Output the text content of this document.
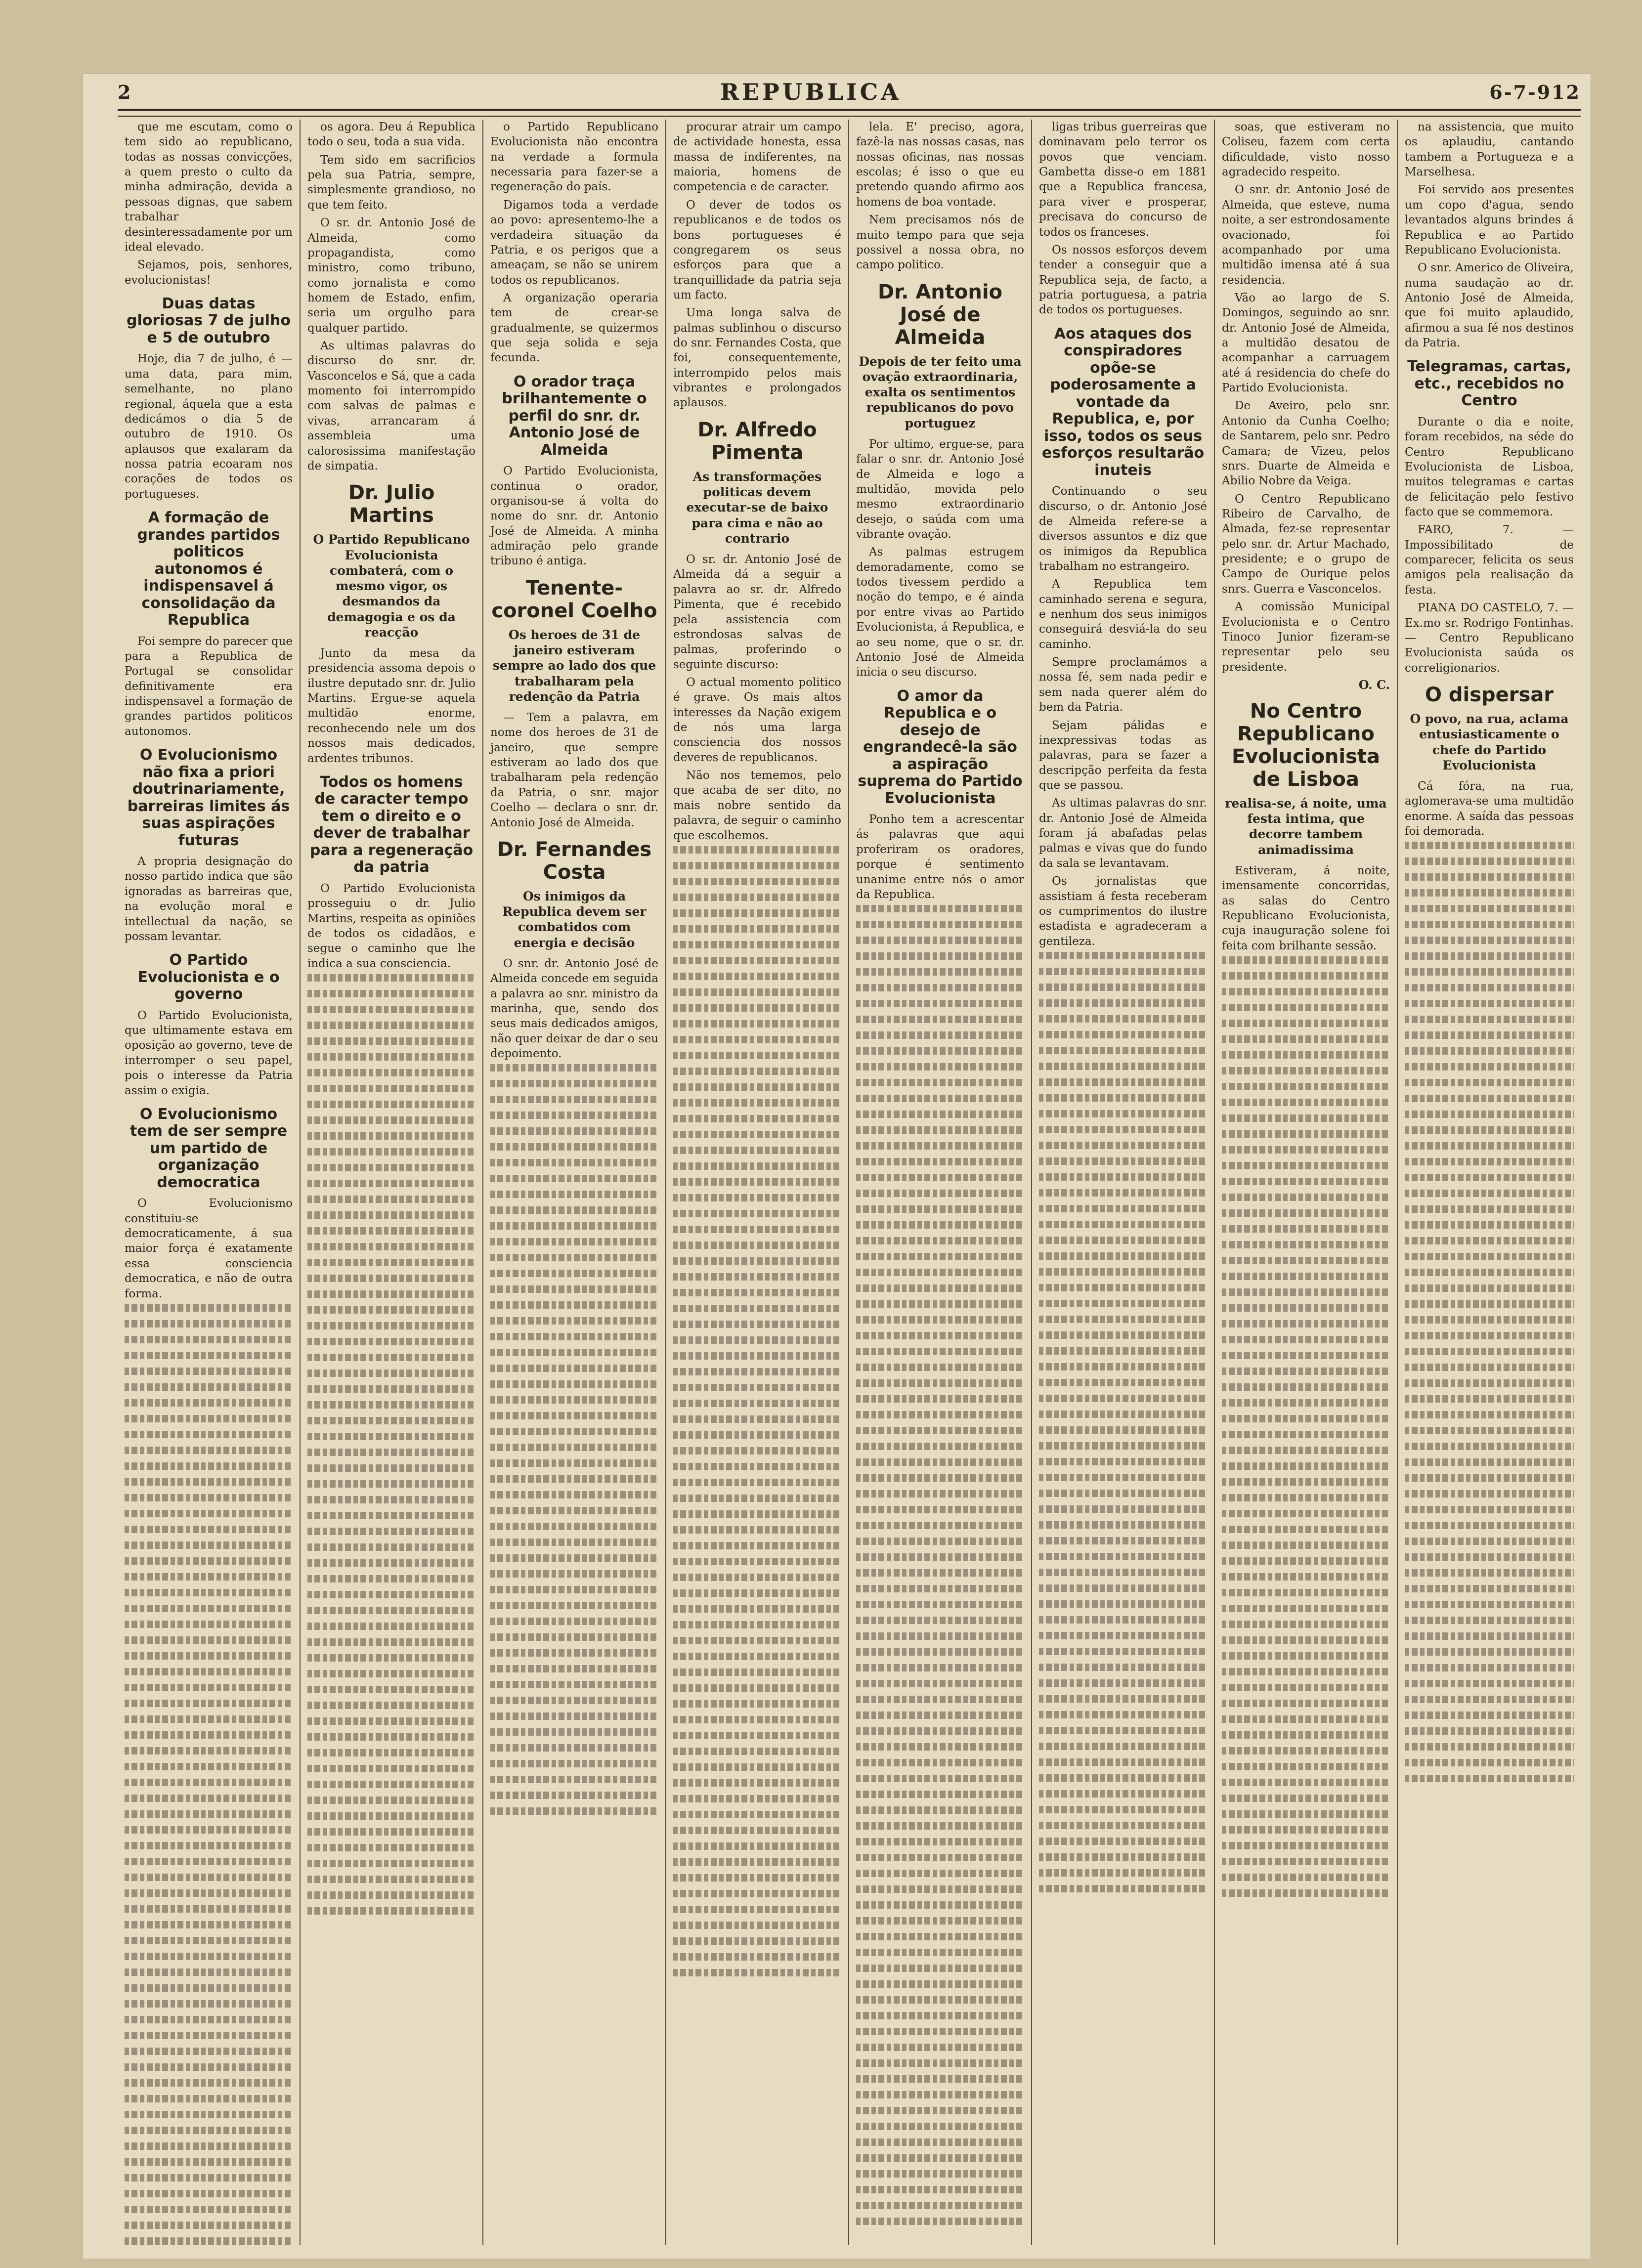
2	REPUBLICA	6-7-912

que me escutam, como o tem sido ao republicano, todas as nossas convicções, a quem presto o culto da minha admiração, devida a pessoas dignas, que sabem trabalhar desinteressadamente por um ideal elevado.

Sejamos, pois, senhores, evolucionistas!

Duas datas gloriosas 7 de julho e 5 de outubro

Hoje, dia 7 de julho, é — uma data, para mim, semelhante, no plano regional, áquela que a esta dedicámos o dia 5 de outubro de 1910. Os aplausos que exalaram da nossa patria ecoaram nos corações de todos os portugueses.

A formação de grandes partidos politicos autonomos é indispensavel á consolidação da Republica

Foi sempre do parecer que para a Republica de Portugal se consolidar definitivamente era indispensavel a formação de grandes partidos politicos autonomos.

O Evolucionismo não fixa a priori doutrinariamente, barreiras limites ás suas aspirações futuras

A propria designação do nosso partido indica que são ignoradas as barreiras que, na evolução moral e intellectual da nação, se possam levantar.

O Partido Evolucionista e o governo

O Partido Evolucionista, que ultimamente estava em oposição ao governo, teve de interromper o seu papel, pois o interesse da Patria assim o exigia.

O Evolucionismo tem de ser sempre um partido de organização democratica

O Evolucionismo constituiu-se democraticamente, á sua maior força é exatamente essa consciencia democratica, e não de outra forma.

os agora. Deu á Republica todo o seu, toda a sua vida.

Tem sido em sacrificios pela sua Patria, sempre, simplesmente grandioso, no que tem feito.

O sr. dr. Antonio José de Almeida, como propagandista, como ministro, como tribuno, como jornalista e como homem de Estado, enfim, seria um orgulho para qualquer partido.

As ultimas palavras do discurso do snr. dr. Vasconcelos e Sá, que a cada momento foi interrompido com salvas de palmas e vivas, arrancaram á assembleia uma calorosissima manifestação de simpatia.

Dr. Julio Martins
O Partido Republicano Evolucionista combaterá, com o mesmo vigor, os desmandos da demagogia e os da reacção

Junto da mesa da presidencia assoma depois o ilustre deputado snr. dr. Julio Martins. Ergue-se aquela multidão enorme, reconhecendo nele um dos nossos mais dedicados, ardentes tribunos.

Todos os homens de caracter tempo tem o direito e o dever de trabalhar para a regeneração da patria

O Partido Evolucionista prosseguiu o dr. Julio Martins, respeita as opiniões de todos os cidadãos, e segue o caminho que lhe indica a sua consciencia.

o Partido Republicano Evolucionista não encontra na verdade a formula necessaria para fazer-se a regeneração do país.

Digamos toda a verdade ao povo: apresentemo-lhe a verdadeira situação da Patria, e os perigos que a ameaçam, se não se unirem todos os republicanos.

A organização operaria tem de crear-se gradualmente, se quizermos que seja solida e seja fecunda.

O orador traça brilhantemente o perfil do snr. dr. Antonio José de Almeida

O Partido Evolucionista, continua o orador, organisou-se á volta do nome do snr. dr. Antonio José de Almeida. A minha admiração pelo grande tribuno é antiga.

Tenente-coronel Coelho
Os heroes de 31 de janeiro estiveram sempre ao lado dos que trabalharam pela redenção da Patria

— Tem a palavra, em nome dos heroes de 31 de janeiro, que sempre estiveram ao lado dos que trabalharam pela redenção da Patria, o snr. major Coelho — declara o snr. dr. Antonio José de Almeida.

Dr. Fernandes Costa
Os inimigos da Republica devem ser combatidos com energia e decisão

O snr. dr. Antonio José de Almeida concede em seguida a palavra ao snr. ministro da marinha, que, sendo dos seus mais dedicados amigos, não quer deixar de dar o seu depoimento.

procurar atrair um campo de actividade honesta, essa massa de indiferentes, na maioria, homens de competencia e de caracter.

O dever de todos os republicanos e de todos os bons portugueses é congregarem os seus esforços para que a tranquillidade da patria seja um facto.

Uma longa salva de palmas sublinhou o discurso do snr. Fernandes Costa, que foi, consequentemente, interrompido pelos mais vibrantes e prolongados aplausos.

Dr. Alfredo Pimenta
As transformações politicas devem executar-se de baixo para cima e não ao contrario

O sr. dr. Antonio José de Almeida dá a seguir a palavra ao sr. dr. Alfredo Pimenta, que é recebido pela assistencia com estrondosas salvas de palmas, proferindo o seguinte discurso:

O actual momento politico é grave. Os mais altos interesses da Nação exigem de nós uma larga consciencia dos nossos deveres de republicanos.

Não nos tememos, pelo que acaba de ser dito, no mais nobre sentido da palavra, de seguir o caminho que escolhemos.

lela. E' preciso, agora, fazê-la nas nossas casas, nas nossas oficinas, nas nossas escolas; é isso o que eu pretendo quando afirmo aos homens de boa vontade.

Nem precisamos nós de muito tempo para que seja possivel a nossa obra, no campo politico.

Dr. Antonio José de Almeida
Depois de ter feito uma ovação extraordinaria, exalta os sentimentos republicanos do povo portuguez

Por ultimo, ergue-se, para falar o snr. dr. Antonio José de Almeida e logo a multidão, movida pelo mesmo extraordinario desejo, o saúda com uma vibrante ovação.

As palmas estrugem demoradamente, como se todos tivessem perdido a noção do tempo, e é ainda por entre vivas ao Partido Evolucionista, á Republica, e ao seu nome, que o sr. dr. Antonio José de Almeida inicia o seu discurso.

O amor da Republica e o desejo de engrandecê-la são a aspiração suprema do Partido Evolucionista

Ponho tem a acrescentar ás palavras que aqui proferiram os oradores, porque é sentimento unanime entre nós o amor da Republica.

ligas tribus guerreiras que dominavam pelo terror os povos que venciam. Gambetta disse-o em 1881 que a Republica francesa, para viver e prosperar, precisava do concurso de todos os franceses.

Os nossos esforços devem tender a conseguir que a Republica seja, de facto, a patria portuguesa, a patria de todos os portugueses.

Aos ataques dos conspiradores opõe-se poderosamente a vontade da Republica, e, por isso, todos os seus esforços resultarão inuteis

Continuando o seu discurso, o dr. Antonio José de Almeida refere-se a diversos assuntos e diz que os inimigos da Republica trabalham no estrangeiro.

A Republica tem caminhado serena e segura, e nenhum dos seus inimigos conseguirá desviá-la do seu caminho.

Sempre proclamámos a nossa fé, sem nada pedir e sem nada querer além do bem da Patria.

Sejam pálidas e inexpressivas todas as palavras, para se fazer a descripção perfeita da festa que se passou.

As ultimas palavras do snr. dr. Antonio José de Almeida foram já abafadas pelas palmas e vivas que do fundo da sala se levantavam.

Os jornalistas que assistiam á festa receberam os cumprimentos do ilustre estadista e agradeceram a gentileza.

soas, que estiveram no Coliseu, fazem com certa dificuldade, visto nosso agradecido respeito.

O snr. dr. Antonio José de Almeida, que esteve, numa noite, a ser estrondosamente ovacionado, foi acompanhado por uma multidão imensa até á sua residencia.

Vão ao largo de S. Domingos, seguindo ao snr. dr. Antonio José de Almeida, a multidão desatou de acompanhar a carruagem até á residencia do chefe do Partido Evolucionista.

De Aveiro, pelo snr. Antonio da Cunha Coelho; de Santarem, pelo snr. Pedro Camara; de Vizeu, pelos snrs. Duarte de Almeida e Abilio Nobre da Veiga.

O Centro Republicano Ribeiro de Carvalho, de Almada, fez-se representar pelo snr. dr. Artur Machado, presidente; e o grupo de Campo de Ourique pelos snrs. Guerra e Vasconcelos.

A comissão Municipal Evolucionista e o Centro Tinoco Junior fizeram-se representar pelo seu presidente.

O. C.
No Centro Republicano Evolucionista de Lisboa
realisa-se, á noite, uma festa intima, que decorre tambem animadissima

Estiveram, á noite, imensamente concorridas, as salas do Centro Republicano Evolucionista, cuja inauguração solene foi feita com brilhante sessão.

na assistencia, que muito os aplaudiu, cantando tambem a Portugueza e a Marselhesa.

Foi servido aos presentes um copo d'agua, sendo levantados alguns brindes á Republica e ao Partido Republicano Evolucionista.

O snr. Americo de Oliveira, numa saudação ao dr. Antonio José de Almeida, que foi muito aplaudido, afirmou a sua fé nos destinos da Patria.

Telegramas, cartas, etc., recebidos no Centro

Durante o dia e noite, foram recebidos, na séde do Centro Republicano Evolucionista de Lisboa, muitos telegramas e cartas de felicitação pelo festivo facto que se commemora.

FARO, 7. — Impossibilitado de comparecer, felicita os seus amigos pela realisação da festa.

PIANA DO CASTELO, 7. — Ex.mo sr. Rodrigo Fontinhas. — Centro Republicano Evolucionista saúda os correligionarios.

O dispersar
O povo, na rua, aclama entusiasticamente o chefe do Partido Evolucionista

Cá fóra, na rua, aglomerava-se uma multidão enorme. A saída das pessoas foi demorada.
